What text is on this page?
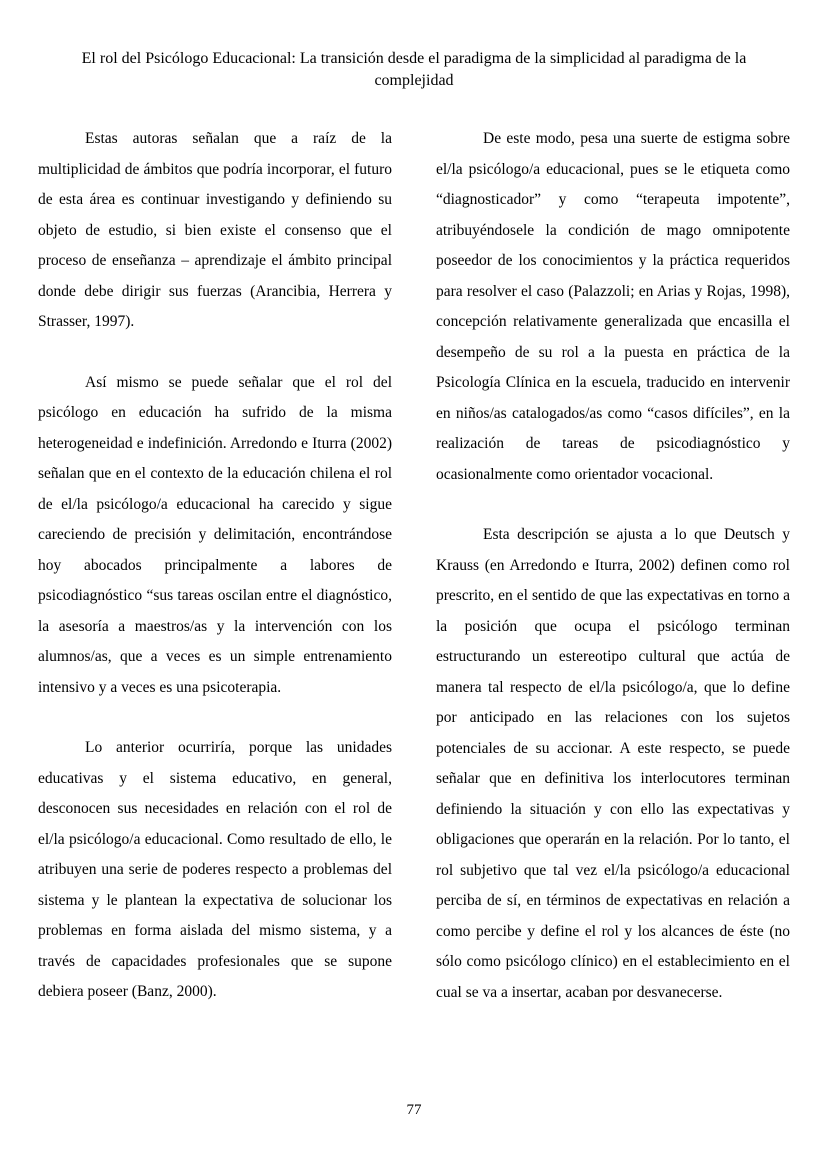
El rol del Psicólogo Educacional: La transición desde el paradigma de la simplicidad al paradigma de la complejidad

Estas autoras señalan que a raíz de la multiplicidad de ámbitos que podría incorporar, el futuro de esta área es continuar investigando y definiendo su objeto de estudio, si bien existe el consenso que el proceso de enseñanza – aprendizaje el ámbito principal donde debe dirigir sus fuerzas (Arancibia, Herrera y Strasser, 1997).

Así mismo se puede señalar que el rol del psicólogo en educación ha sufrido de la misma heterogeneidad e indefinición. Arredondo e Iturra (2002) señalan que en el contexto de la educación chilena el rol de el/la psicólogo/a educacional ha carecido y sigue careciendo de precisión y delimitación, encontrándose hoy abocados principalmente a labores de psicodiagnóstico “sus tareas oscilan entre el diagnóstico, la asesoría a maestros/as y la intervención con los alumnos/as, que a veces es un simple entrenamiento intensivo y a veces es una psicoterapia.

Lo anterior ocurriría, porque las unidades educativas y el sistema educativo, en general, desconocen sus necesidades en relación con el rol de el/la psicólogo/a educacional. Como resultado de ello, le atribuyen una serie de poderes respecto a problemas del sistema y le plantean la expectativa de solucionar los problemas en forma aislada del mismo sistema, y a través de capacidades profesionales que se supone debiera poseer (Banz, 2000).

De este modo, pesa una suerte de estigma sobre el/la psicólogo/a educacional, pues se le etiqueta como “diagnosticador” y como “terapeuta impotente”, atribuyéndosele la condición de mago omnipotente poseedor de los conocimientos y la práctica requeridos para resolver el caso (Palazzoli; en Arias y Rojas, 1998), concepción relativamente generalizada que encasilla el desempeño de su rol a la puesta en práctica de la Psicología Clínica en la escuela, traducido en intervenir en niños/as catalogados/as como “casos difíciles”, en la realización de tareas de psicodiagnóstico y ocasionalmente como orientador vocacional.

Esta descripción se ajusta a lo que Deutsch y Krauss (en Arredondo e Iturra, 2002) definen como rol prescrito, en el sentido de que las expectativas en torno a la posición que ocupa el psicólogo terminan estructurando un estereotipo cultural que actúa de manera tal respecto de el/la psicólogo/a, que lo define por anticipado en las relaciones con los sujetos potenciales de su accionar. A este respecto, se puede señalar que en definitiva los interlocutores terminan definiendo la situación y con ello las expectativas y obligaciones que operarán en la relación. Por lo tanto, el rol subjetivo que tal vez el/la psicólogo/a educacional perciba de sí, en términos de expectativas en relación a como percibe y define el rol y los alcances de éste (no sólo como psicólogo clínico) en el establecimiento en el cual se va a insertar, acaban por desvanecerse.

77
